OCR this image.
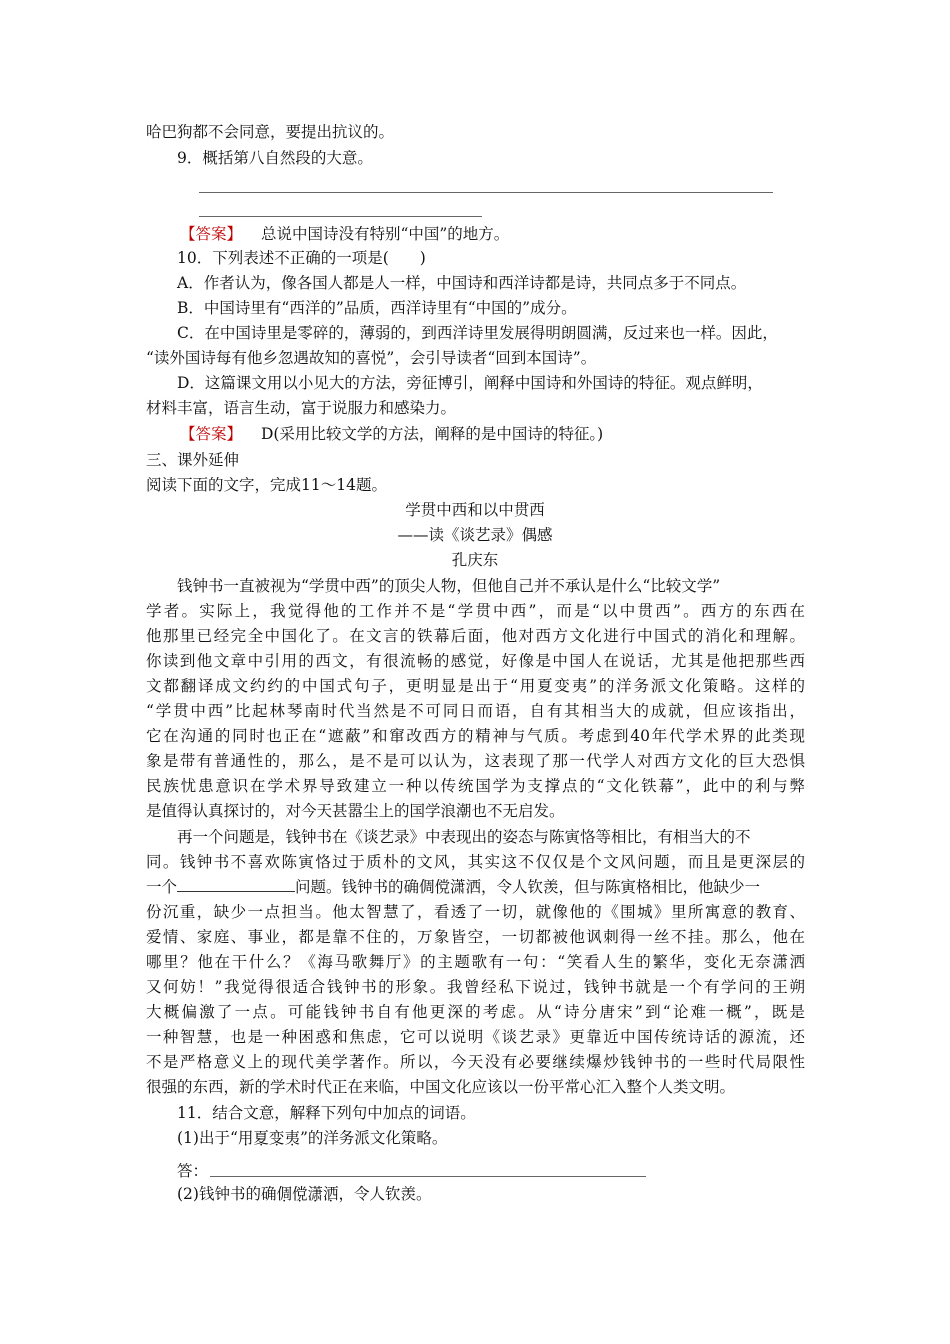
哈巴狗都不会同意，要提出抗议的。
9．概括第八自然段的大意。
【答案】 总说中国诗没有特别“中国”的地方。
10．下列表述不正确的一项是(　　)
A．作者认为，像各国人都是人一样，中国诗和西洋诗都是诗，共同点多于不同点。
B．中国诗里有“西洋的”品质，西洋诗里有“中国的”成分。
C．在中国诗里是零碎的，薄弱的，到西洋诗里发展得明朗圆满，反过来也一样。因此，
“读外国诗每有他乡忽遇故知的喜悦”，会引导读者“回到本国诗”。
D．这篇课文用以小见大的方法，旁征博引，阐释中国诗和外国诗的特征。观点鲜明，
材料丰富，语言生动，富于说服力和感染力。
【答案】 D(采用比较文学的方法，阐释的是中国诗的特征。)
三、课外延伸
阅读下面的文字，完成11～14题。
学贯中西和以中贯西
——读《谈艺录》偶感
孔庆东
钱钟书一直被视为“学贯中西”的顶尖人物，但他自己并不承认是什么“比较文学”
学者。实际上，我觉得他的工作并不是“学贯中西”，而是“以中贯西”。西方的东西在
他那里已经完全中国化了。在文言的铁幕后面，他对西方文化进行中国式的消化和理解。
你读到他文章中引用的西文，有很流畅的感觉，好像是中国人在说话，尤其是他把那些西
文都翻译成文约约的中国式句子，更明显是出于“用夏变夷”的洋务派文化策略。这样的
“学贯中西”比起林琴南时代当然是不可同日而语，自有其相当大的成就，但应该指出，
它在沟通的同时也正在“遮蔽”和窜改西方的精神与气质。考虑到40年代学术界的此类现
象是带有普通性的，那么，是不是可以认为，这表现了那一代学人对西方文化的巨大恐惧
民族忧患意识在学术界导致建立一种以传统国学为支撑点的“文化铁幕”，此中的利与弊
是值得认真探讨的，对今天甚嚣尘上的国学浪潮也不无启发。
再一个问题是，钱钟书在《谈艺录》中表现出的姿态与陈寅恪等相比，有相当大的不
同。钱钟书不喜欢陈寅恪过于质朴的文风，其实这不仅仅是个文风问题，而且是更深层的
一个	问题。钱钟书的确倜傥潇洒，令人钦羡，但与陈寅格相比，他缺少一
份沉重，缺少一点担当。他太智慧了，看透了一切，就像他的《围城》里所寓意的教育、
爱情、家庭、事业，都是靠不住的，万象皆空，一切都被他讽刺得一丝不挂。那么，他在
哪里？他在干什么？《海马歌舞厅》的主题歌有一句：“笑看人生的繁华，变化无奈潇洒
又何妨！”我觉得很适合钱钟书的形象。我曾经私下说过，钱钟书就是一个有学问的王朔
大概偏激了一点。可能钱钟书自有他更深的考虑。从“诗分唐宋”到“论难一概”，既是
一种智慧，也是一种困惑和焦虑，它可以说明《谈艺录》更靠近中国传统诗话的源流，还
不是严格意义上的现代美学著作。所以，今天没有必要继续爆炒钱钟书的一些时代局限性
很强的东西，新的学术时代正在来临，中国文化应该以一份平常心汇入整个人类文明。
11．结合文意，解释下列句中加点的词语。
(1)出于“用夏变夷”的洋务派文化策略。
答：
(2)钱钟书的确倜傥潇洒，令人钦羡。
